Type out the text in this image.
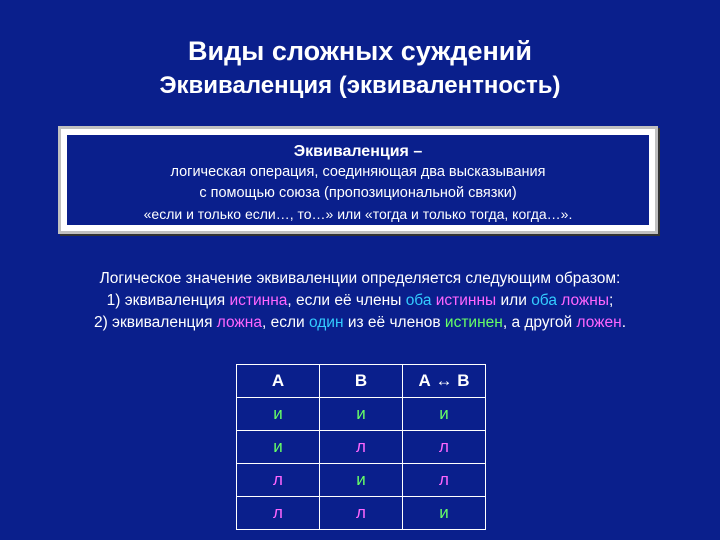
Виды сложных суждений
Эквиваленция (эквивалентность)
Эквиваленция –
логическая операция, соединяющая два высказывания
с помощью союза (пропозициональной связки)
«если и только если…, то…» или «тогда и только тогда, когда…».
Логическое значение эквиваленции определяется следующим образом:
1) эквиваленция истинна, если её члены оба истинны или оба ложны;
2) эквиваленция ложна, если один из её членов истинен, а другой ложен.
А	В	А ↔ В
и	и	и
и	л	л
л	и	л
л	л	и
